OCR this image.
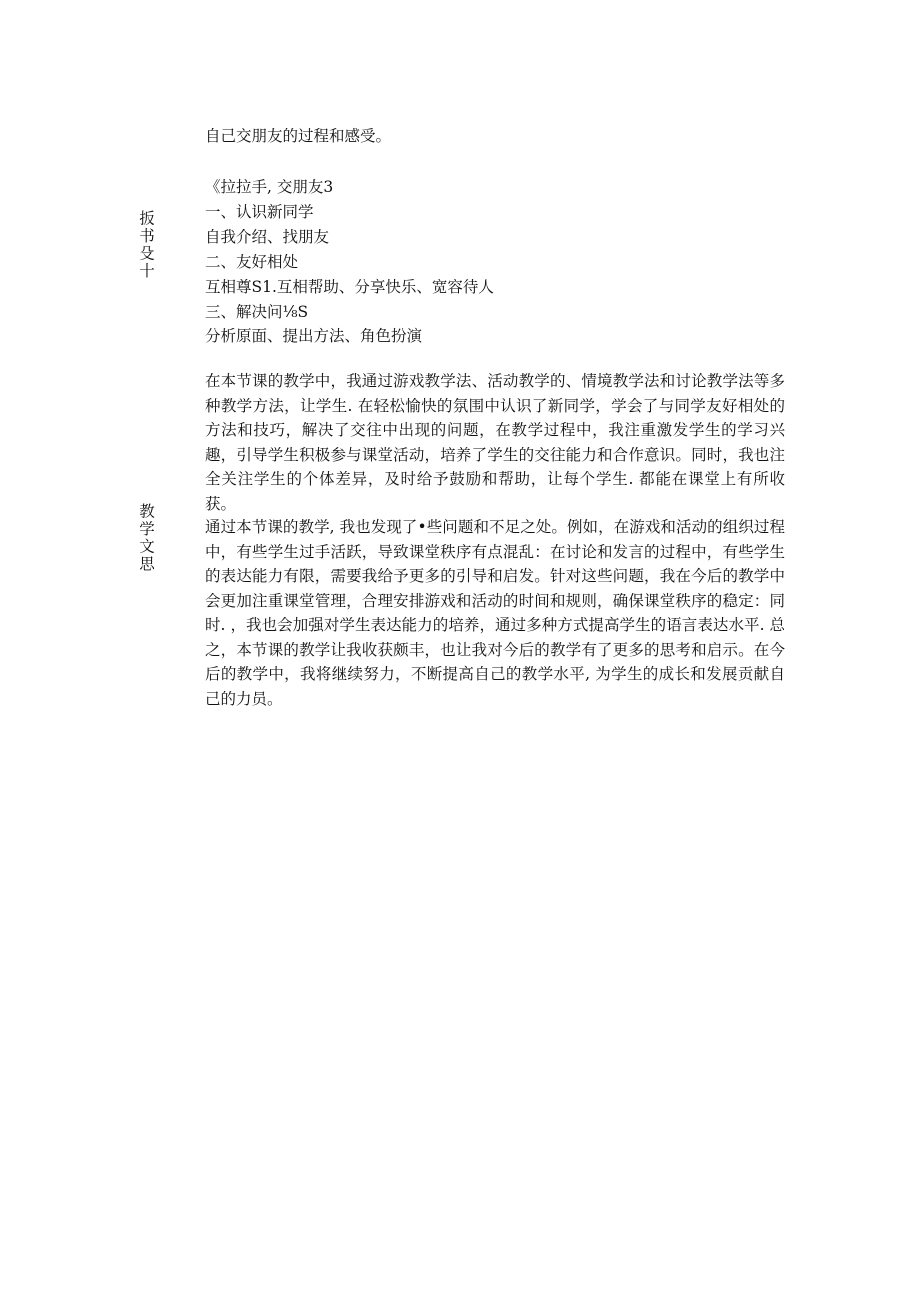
自己交朋友的过程和感受。

扳书殳十

《拉拉手, 交朋友3

一、认识新同学

自我介绍、找朋友

二、友好相处

互相尊S1.互相帮助、分享快乐、宽容待人

三、解决问⅛S

分析原面、提出方法、角色扮演

教学文思

在本节课的教学中，我通过游戏教学法、活动教学的、情境教学法和讨论教学法等多种教学方法，让学生. 在轻松愉快的氛围中认识了新同学，学会了与同学友好相处的方法和技巧，解决了交往中出现的问题，在教学过程中，我注重激发学生的学习兴趣，引导学生积极参与课堂活动，培养了学生的交往能力和合作意识。同时，我也注全关注学生的个体差异，及时给予鼓励和帮助，让每个学生. 都能在课堂上有所收获。

通过本节课的教学, 我也发现了•些问题和不足之处。例如，在游戏和活动的组织过程中，有些学生过手活跃，导致课堂秩序有点混乱：在讨论和发言的过程中，有些学生的表达能力有限，需要我给予更多的引导和启发。针对这些问题，我在今后的教学中会更加注重课堂管理，合理安排游戏和活动的时间和规则，确保课堂秩序的稳定：同时. ，我也会加强对学生表达能力的培养，通过多种方式提高学生的语言表达水平. 总之，本节课的教学让我收获颇丰，也让我对今后的教学有了更多的思考和启示。在今后的教学中，我将继续努力，不断提高自己的教学水平, 为学生的成长和发展贡献自己的力员。
